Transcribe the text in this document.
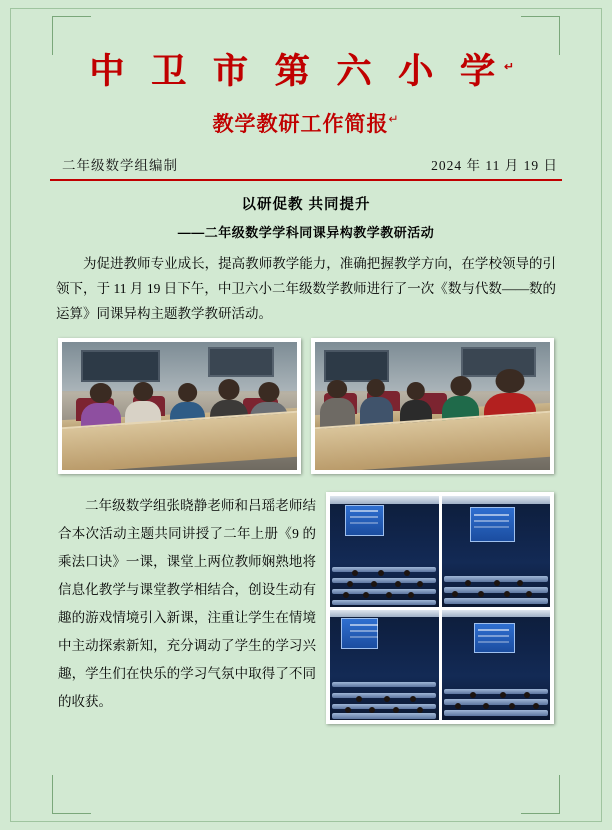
中 卫 市 第 六 小 学↵
教学教研工作简报↵
二年级数学组编制	2024 年 11 月 19 日
以研促教 共同提升
——二年级数学学科同课异构教学教研活动
为促进教师专业成长，提高教师教学能力，准确把握教学方向，在学校领导的引领下，于 11 月 19 日下午，中卫六小二年级数学教师进行了一次《数与代数——数的运算》同课异构主题教学教研活动。
二年级数学组张晓静老师和吕瑶老师结合本次活动主题共同讲授了二年上册《9 的乘法口诀》一课，课堂上两位教师娴熟地将信息化教学与课堂教学相结合，创设生动有趣的游戏情境引入新课，注重让学生在情境中主动探索新知，充分调动了学生的学习兴趣，学生们在快乐的学习气氛中取得了不同的收获。
